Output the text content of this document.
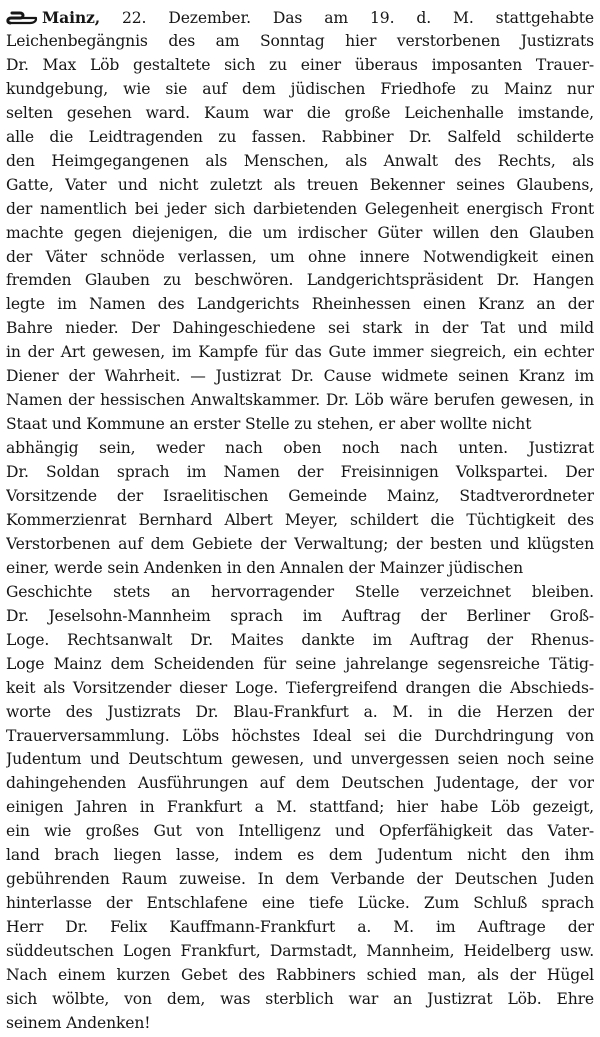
Mainz, 22. Dezember. Das am 19. d. M. stattgehabte
Leichenbegängnis des am Sonntag hier verstorbenen Justizrats
Dr. Max Löb gestaltete sich zu einer überaus imposanten Trauer-
kundgebung, wie sie auf dem jüdischen Friedhofe zu Mainz nur
selten gesehen ward. Kaum war die große Leichenhalle imstande,
alle die Leidtragenden zu fassen. Rabbiner Dr. Salfeld schilderte
den Heimgegangenen als Menschen, als Anwalt des Rechts, als
Gatte, Vater und nicht zuletzt als treuen Bekenner seines Glaubens,
der namentlich bei jeder sich darbietenden Gelegenheit energisch Front
machte gegen diejenigen, die um irdischer Güter willen den Glauben
der Väter schnöde verlassen, um ohne innere Notwendigkeit einen
fremden Glauben zu beschwören. Landgerichtspräsident Dr. Hangen
legte im Namen des Landgerichts Rheinhessen einen Kranz an der
Bahre nieder. Der Dahingeschiedene sei stark in der Tat und mild
in der Art gewesen, im Kampfe für das Gute immer siegreich, ein echter
Diener der Wahrheit. — Justizrat Dr. Cause widmete seinen Kranz im
Namen der hessischen Anwaltskammer. Dr. Löb wäre berufen gewesen, in
Staat und Kommune an erster Stelle zu stehen, er aber wollte nicht
abhängig sein, weder nach oben noch nach unten. Justizrat
Dr. Soldan sprach im Namen der Freisinnigen Volkspartei. Der
Vorsitzende der Israelitischen Gemeinde Mainz, Stadtverordneter
Kommerzienrat Bernhard Albert Meyer, schildert die Tüchtigkeit des
Verstorbenen auf dem Gebiete der Verwaltung; der besten und klügsten
einer, werde sein Andenken in den Annalen der Mainzer jüdischen
Geschichte stets an hervorragender Stelle verzeichnet bleiben.
Dr. Jeselsohn-Mannheim sprach im Auftrag der Berliner Groß-
Loge. Rechtsanwalt Dr. Maites dankte im Auftrag der Rhenus-
Loge Mainz dem Scheidenden für seine jahrelange segensreiche Tätig-
keit als Vorsitzender dieser Loge. Tiefergreifend drangen die Abschieds-
worte des Justizrats Dr. Blau-Frankfurt a. M. in die Herzen der
Trauerversammlung. Löbs höchstes Ideal sei die Durchdringung von
Judentum und Deutschtum gewesen, und unvergessen seien noch seine
dahingehenden Ausführungen auf dem Deutschen Judentage, der vor
einigen Jahren in Frankfurt a M. stattfand; hier habe Löb gezeigt,
ein wie großes Gut von Intelligenz und Opferfähigkeit das Vater-
land brach liegen lasse, indem es dem Judentum nicht den ihm
gebührenden Raum zuweise. In dem Verbande der Deutschen Juden
hinterlasse der Entschlafene eine tiefe Lücke. Zum Schluß sprach
Herr Dr. Felix Kauffmann-Frankfurt a. M. im Auftrage der
süddeutschen Logen Frankfurt, Darmstadt, Mannheim, Heidelberg usw.
Nach einem kurzen Gebet des Rabbiners schied man, als der Hügel
sich wölbte, von dem, was sterblich war an Justizrat Löb. Ehre
seinem Andenken!
